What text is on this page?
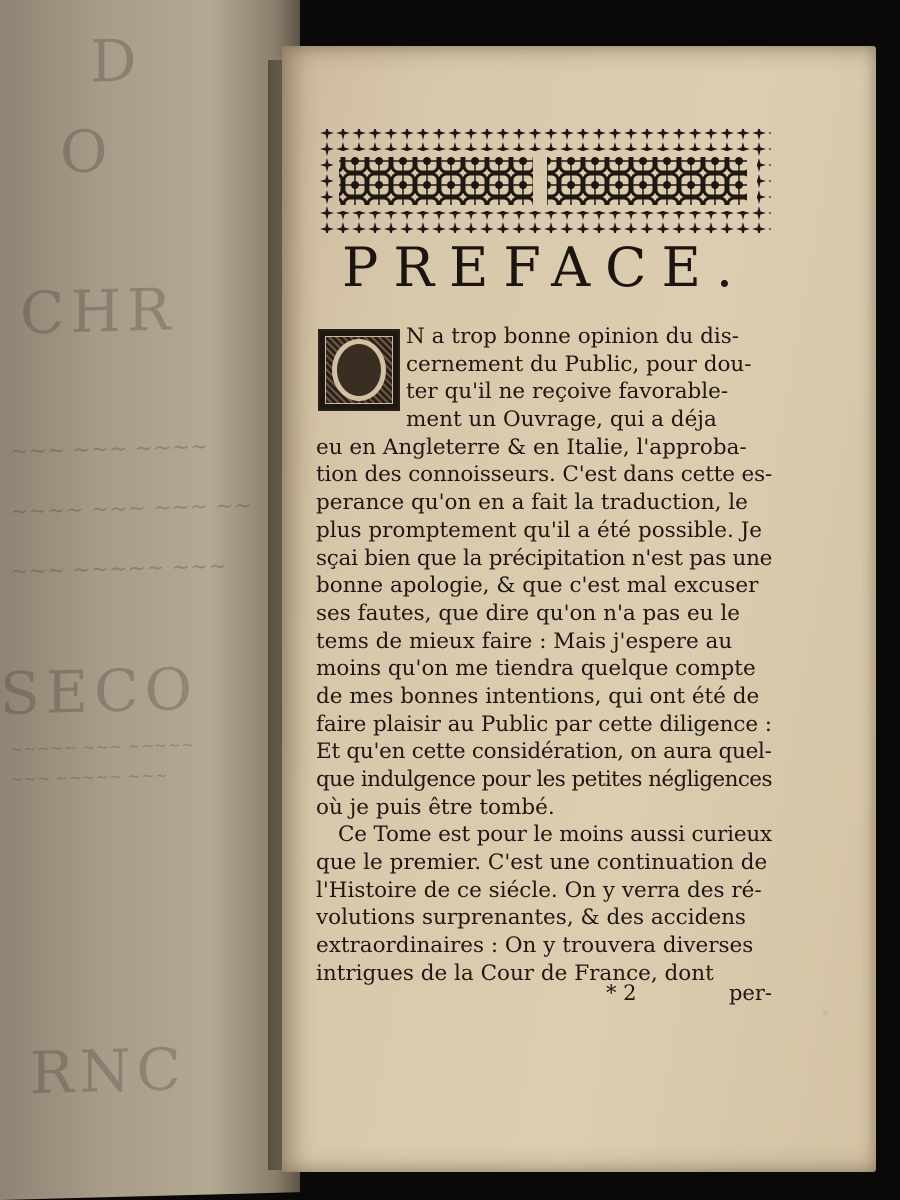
D
O
CHR
~~~ ~~~ ~~~~
~~~~ ~~~ ~~~ ~~
~~~ ~~~~~ ~~~
SECO
~~~~~ ~~~ ~~~~~
~~~ ~~~~~ ~~~
RNC
PREFACE.
N a trop bonne opinion du dis-
cernement du Public, pour dou-
ter qu'il ne reçoive favorable-
ment un Ouvrage, qui a déja
eu en Angleterre & en Italie, l'approba-
tion des connoisseurs. C'est dans cette es-
perance qu'on en a fait la traduction, le
plus promptement qu'il a été possible. Je
sçai bien que la précipitation n'est pas une
bonne apologie, & que c'est mal excuser
ses fautes, que dire qu'on n'a pas eu le
tems de mieux faire : Mais j'espere au
moins qu'on me tiendra quelque compte
de mes bonnes intentions, qui ont été de
faire plaisir au Public par cette diligence :
Et qu'en cette considération, on aura quel-
que indulgence pour les petites négligences
où je puis être tombé.
Ce Tome est pour le moins aussi curieux
que le premier. C'est une continuation de
l'Histoire de ce siécle. On y verra des ré-
volutions surprenantes, & des accidens
extraordinaires : On y trouvera diverses
intrigues de la Cour de France, dont
* 2	per-
